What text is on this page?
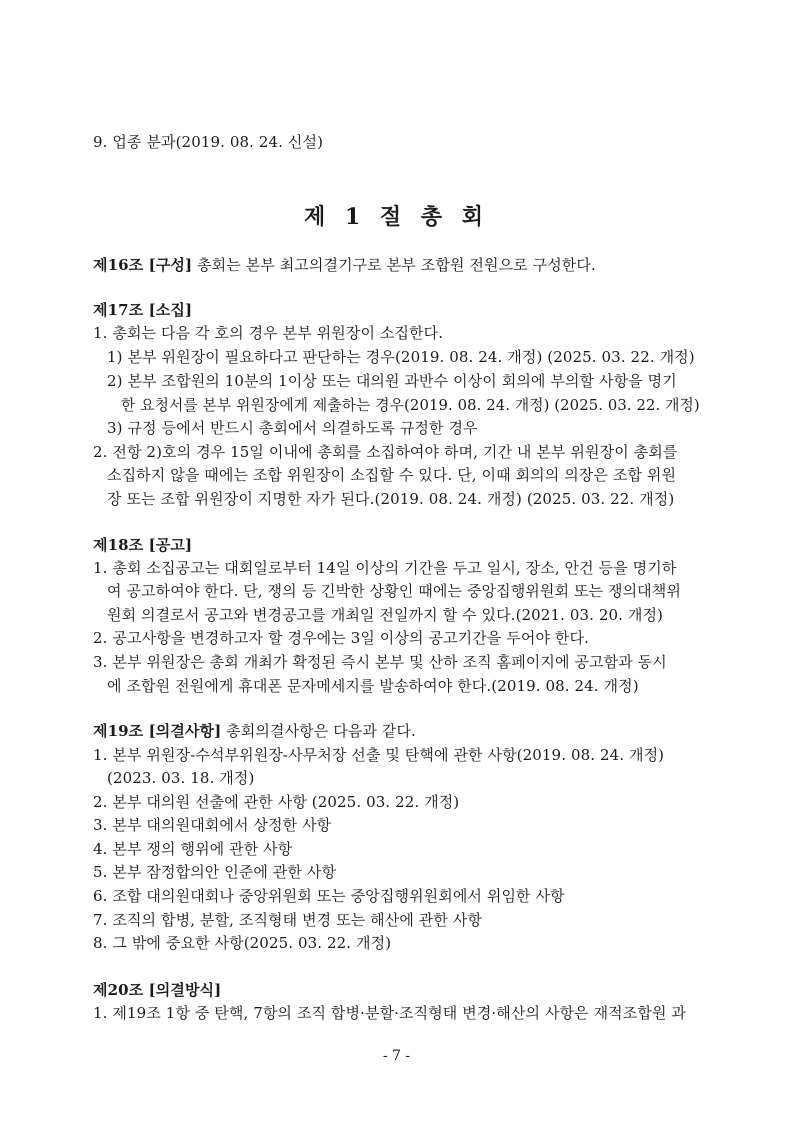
9. 업종 분과(2019. 08. 24. 신설)
제 1 절 총 회
제16조 [구성] 총회는 본부 최고의결기구로 본부 조합원 전원으로 구성한다.
제17조 [소집]
1. 총회는 다음 각 호의 경우 본부 위원장이 소집한다.
1) 본부 위원장이 필요하다고 판단하는 경우(2019. 08. 24. 개정) (2025. 03. 22. 개정)
2) 본부 조합원의 10분의 1이상 또는 대의원 과반수 이상이 회의에 부의할 사항을 명기
한 요청서를 본부 위원장에게 제출하는 경우(2019. 08. 24. 개정) (2025. 03. 22. 개정)
3) 규정 등에서 반드시 총회에서 의결하도록 규정한 경우
2. 전항 2)호의 경우 15일 이내에 총회를 소집하여야 하며, 기간 내 본부 위원장이 총회를
소집하지 않을 때에는 조합 위원장이 소집할 수 있다. 단, 이때 회의의 의장은 조합 위원
장 또는 조합 위원장이 지명한 자가 된다.(2019. 08. 24. 개정) (2025. 03. 22. 개정)
제18조 [공고]
1. 총회 소집공고는 대회일로부터 14일 이상의 기간을 두고 일시, 장소, 안건 등을 명기하
여 공고하여야 한다. 단, 쟁의 등 긴박한 상황인 때에는 중앙집행위원회 또는 쟁의대책위
원회 의결로서 공고와 변경공고를 개최일 전일까지 할 수 있다.(2021. 03. 20. 개정)
2. 공고사항을 변경하고자 할 경우에는 3일 이상의 공고기간을 두어야 한다.
3. 본부 위원장은 총회 개최가 확정된 즉시 본부 및 산하 조직 홈페이지에 공고함과 동시
에 조합원 전원에게 휴대폰 문자메세지를 발송하여야 한다.(2019. 08. 24. 개정)
제19조 [의결사항] 총회의결사항은 다음과 같다.
1. 본부 위원장-수석부위원장-사무처장 선출 및 탄핵에 관한 사항(2019. 08. 24. 개정)
(2023. 03. 18. 개정)
2. 본부 대의원 선출에 관한 사항 (2025. 03. 22. 개정)
3. 본부 대의원대회에서 상정한 사항
4. 본부 쟁의 행위에 관한 사항
5. 본부 잠정합의안 인준에 관한 사항
6. 조합 대의원대회나 중앙위원회 또는 중앙집행위원회에서 위임한 사항
7. 조직의 합병, 분할, 조직형태 변경 또는 해산에 관한 사항
8. 그 밖에 중요한 사항(2025. 03. 22. 개정)
제20조 [의결방식]
1. 제19조 1항 중 탄핵, 7항의 조직 합병·분할·조직형태 변경·해산의 사항은 재적조합원 과
- 7 -
